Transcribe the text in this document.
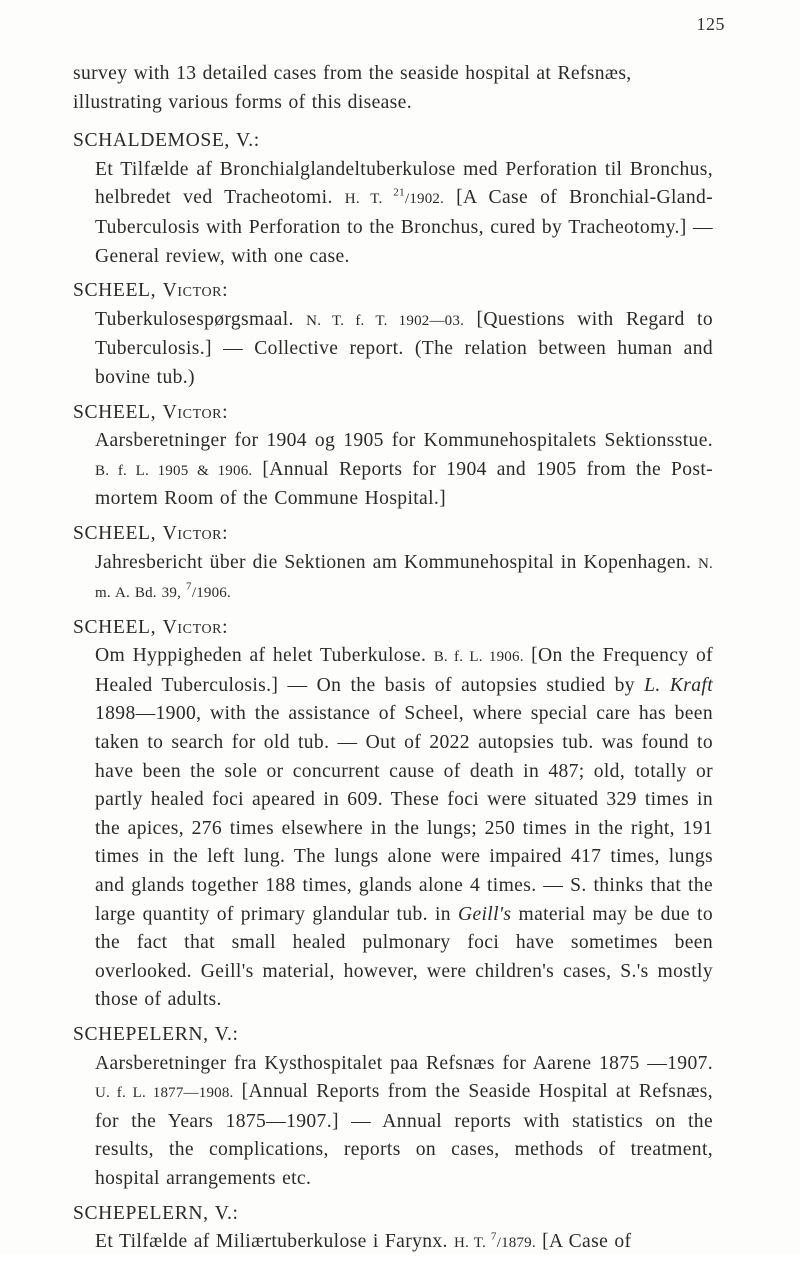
125

survey with 13 detailed cases from the seaside hospital at Refsnæs, illustrating various forms of this disease.

SCHALDEMOSE, V.:

Et Tilfælde af Bronchialglandeltuberkulose med Perforation til Bronchus, helbredet ved Tracheotomi. H. T. $^{21}$/1902. [A Case of Bronchial-Gland-Tuberculosis with Perforation to the Bronchus, cured by Tracheotomy.] — General review, with one case.

SCHEEL, Victor:

Tuberkulosespørgsmaal. N. T. f. T. 1902—03. [Questions with Regard to Tuberculosis.] — Collective report. (The relation between human and bovine tub.)

SCHEEL, Victor:

Aarsberetninger for 1904 og 1905 for Kommunehospitalets Sektionsstue. B. f. L. 1905 & 1906. [Annual Reports for 1904 and 1905 from the Post-mortem Room of the Commune Hospital.]

SCHEEL, Victor:

Jahresbericht über die Sektionen am Kommunehospital in Kopenhagen. N. m. A. Bd. 39, $^7$/1906.

SCHEEL, Victor:

Om Hyppigheden af helet Tuberkulose. B. f. L. 1906. [On the Frequency of Healed Tuberculosis.] — On the basis of autopsies studied by L. Kraft 1898—1900, with the assistance of Scheel, where special care has been taken to search for old tub. — Out of 2022 autopsies tub. was found to have been the sole or concurrent cause of death in 487; old, totally or partly healed foci apeared in 609. These foci were situated 329 times in the apices, 276 times elsewhere in the lungs; 250 times in the right, 191 times in the left lung. The lungs alone were impaired 417 times, lungs and glands together 188 times, glands alone 4 times. — S. thinks that the large quantity of primary glandular tub. in Geill's material may be due to the fact that small healed pulmonary foci have sometimes been overlooked. Geill's material, however, were children's cases, S.'s mostly those of adults.

SCHEPELERN, V.:

Aarsberetninger fra Kysthospitalet paa Refsnæs for Aarene 1875 —1907. U. f. L. 1877—1908. [Annual Reports from the Seaside Hospital at Refsnæs, for the Years 1875—1907.] — Annual reports with statistics on the results, the complications, reports on cases, methods of treatment, hospital arrangements etc.

SCHEPELERN, V.:

Et Tilfælde af Miliærtuberkulose i Farynx. H. T. $^7$/1879. [A Case of
